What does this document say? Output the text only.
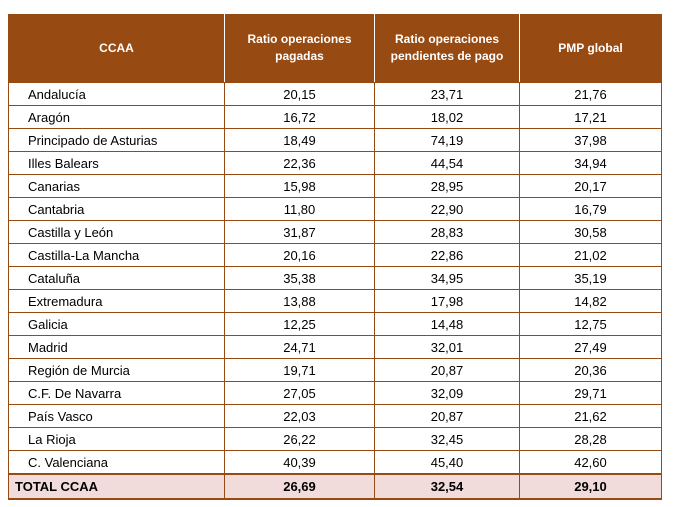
CCAA	Ratio operaciones pagadas	Ratio operaciones pendientes de pago	PMP global
Andalucía	20,15	23,71	21,76
Aragón	16,72	18,02	17,21
Principado de Asturias	18,49	74,19	37,98
Illes Balears	22,36	44,54	34,94
Canarias	15,98	28,95	20,17
Cantabria	11,80	22,90	16,79
Castilla y León	31,87	28,83	30,58
Castilla-La Mancha	20,16	22,86	21,02
Cataluña	35,38	34,95	35,19
Extremadura	13,88	17,98	14,82
Galicia	12,25	14,48	12,75
Madrid	24,71	32,01	27,49
Región de Murcia	19,71	20,87	20,36
C.F. De Navarra	27,05	32,09	29,71
País Vasco	22,03	20,87	21,62
La Rioja	26,22	32,45	28,28
C. Valenciana	40,39	45,40	42,60
TOTAL CCAA	26,69	32,54	29,10
